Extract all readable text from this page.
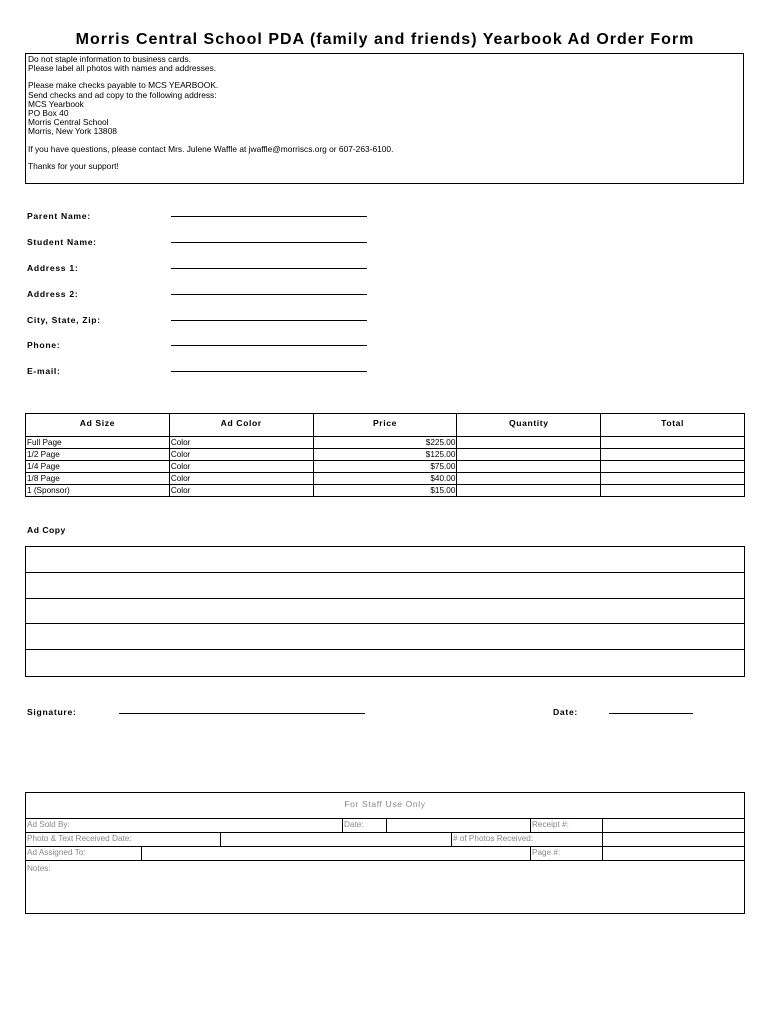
Morris Central School PDA (family and friends) Yearbook Ad Order Form
Do not staple information to business cards.
Please label all photos with names and addresses.
Please make checks payable to MCS YEARBOOK.
Send checks and ad copy to the following address:
MCS Yearbook
PO Box 40
Morris Central School
Morris, New York 13808
If you have questions, please contact Mrs. Julene Waffle at jwaffle@morriscs.org or 607-263-6100.
Thanks for your support!
Parent Name:
Student Name:
Address 1:
Address 2:
City, State, Zip:
Phone:
E-mail:
Ad Size	Ad Color	Price	Quantity	Total
Full Page	Color	$225.00		
1/2 Page	Color	$125.00		
1/4 Page	Color	$75.00		
1/8 Page	Color	$40.00		
1 (Sponsor)	Color	$15.00		
Ad Copy
Signature:	Date:
For Staff Use Only
Ad Sold By:	Date:	Receipt #:
Photo & Text Received Date:	# of Photos Received:
Ad Assigned To:	Page #:
Notes:
